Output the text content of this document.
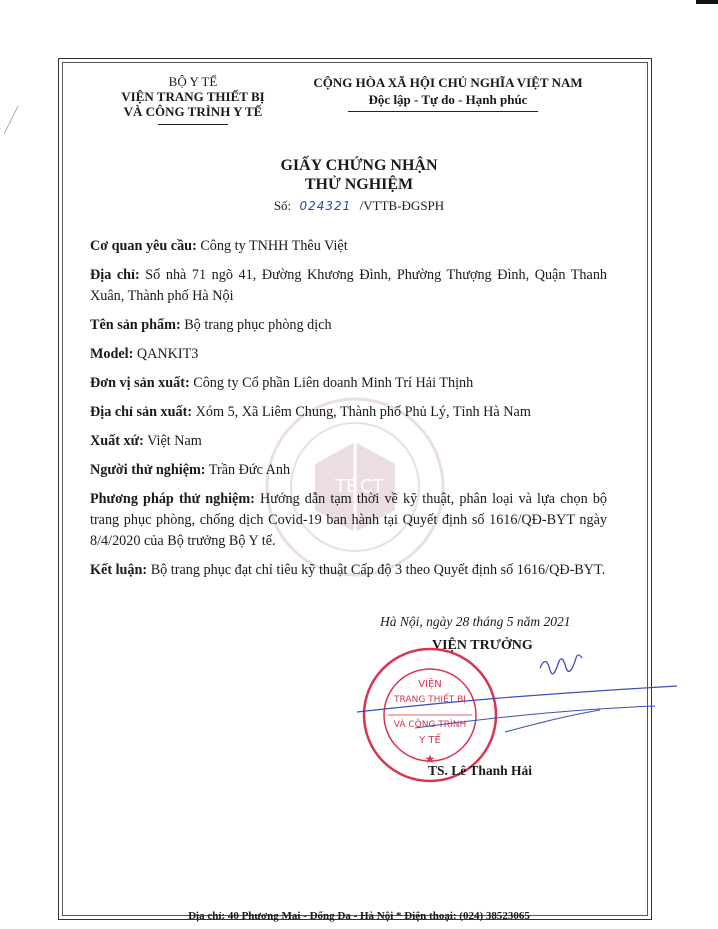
BỘ Y TẾ
VIỆN TRANG THIẾT BỊ
VÀ CÔNG TRÌNH Y TẾ
CỘNG HÒA XÃ HỘI CHỦ NGHĨA VIỆT NAM
Độc lập - Tự do - Hạnh phúc
GIẤY CHỨNG NHẬN
THỬ NGHIỆM
Số: 024321 /VTTB-ĐGSPH
TB CT
Cơ quan yêu cầu: Công ty TNHH Thêu Việt
Địa chỉ: Số nhà 71 ngõ 41, Đường Khương Đình, Phường Thượng Đình, Quận Thanh Xuân, Thành phố Hà Nội
Tên sản phẩm: Bộ trang phục phòng dịch
Model: QANKIT3
Đơn vị sản xuất: Công ty Cổ phần Liên doanh Minh Trí Hải Thịnh
Địa chỉ sản xuất: Xóm 5, Xã Liêm Chung, Thành phố Phủ Lý, Tỉnh Hà Nam
Xuất xứ: Việt Nam
Người thử nghiệm: Trần Đức Anh
Phương pháp thử nghiệm: Hướng dẫn tạm thời về kỹ thuật, phân loại và lựa chọn bộ trang phục phòng, chống dịch Covid-19 ban hành tại Quyết định số 1616/QĐ-BYT ngày 8/4/2020 của Bộ trưởng Bộ Y tế.
Kết luận: Bộ trang phục đạt chỉ tiêu kỹ thuật Cấp độ 3 theo Quyết định số 1616/QĐ-BYT.
Hà Nội, ngày 28 tháng 5 năm 2021
VIỆN TRƯỞNG
VIỆN
TRANG THIẾT BỊ
VÀ CÔNG TRÌNH
Y TẾ
★
TS. Lê Thanh Hải
Địa chỉ: 40 Phương Mai - Đống Đa - Hà Nội * Điện thoại: (024) 38523065
